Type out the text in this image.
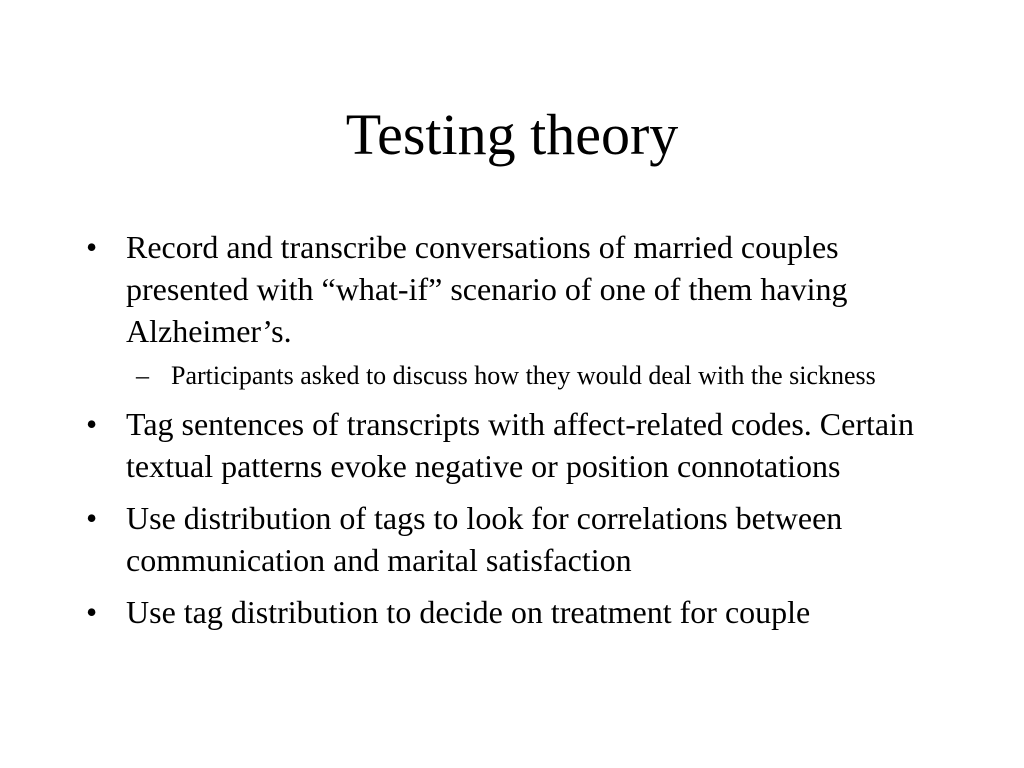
Testing theory
• Record and transcribe conversations of married couples presented with “what-if” scenario of one of them having Alzheimer’s.
– Participants asked to discuss how they would deal with the sickness
• Tag sentences of transcripts with affect-related codes. Certain textual patterns evoke negative or position connotations
• Use distribution of tags to look for correlations between communication and marital satisfaction
• Use tag distribution to decide on treatment for couple
